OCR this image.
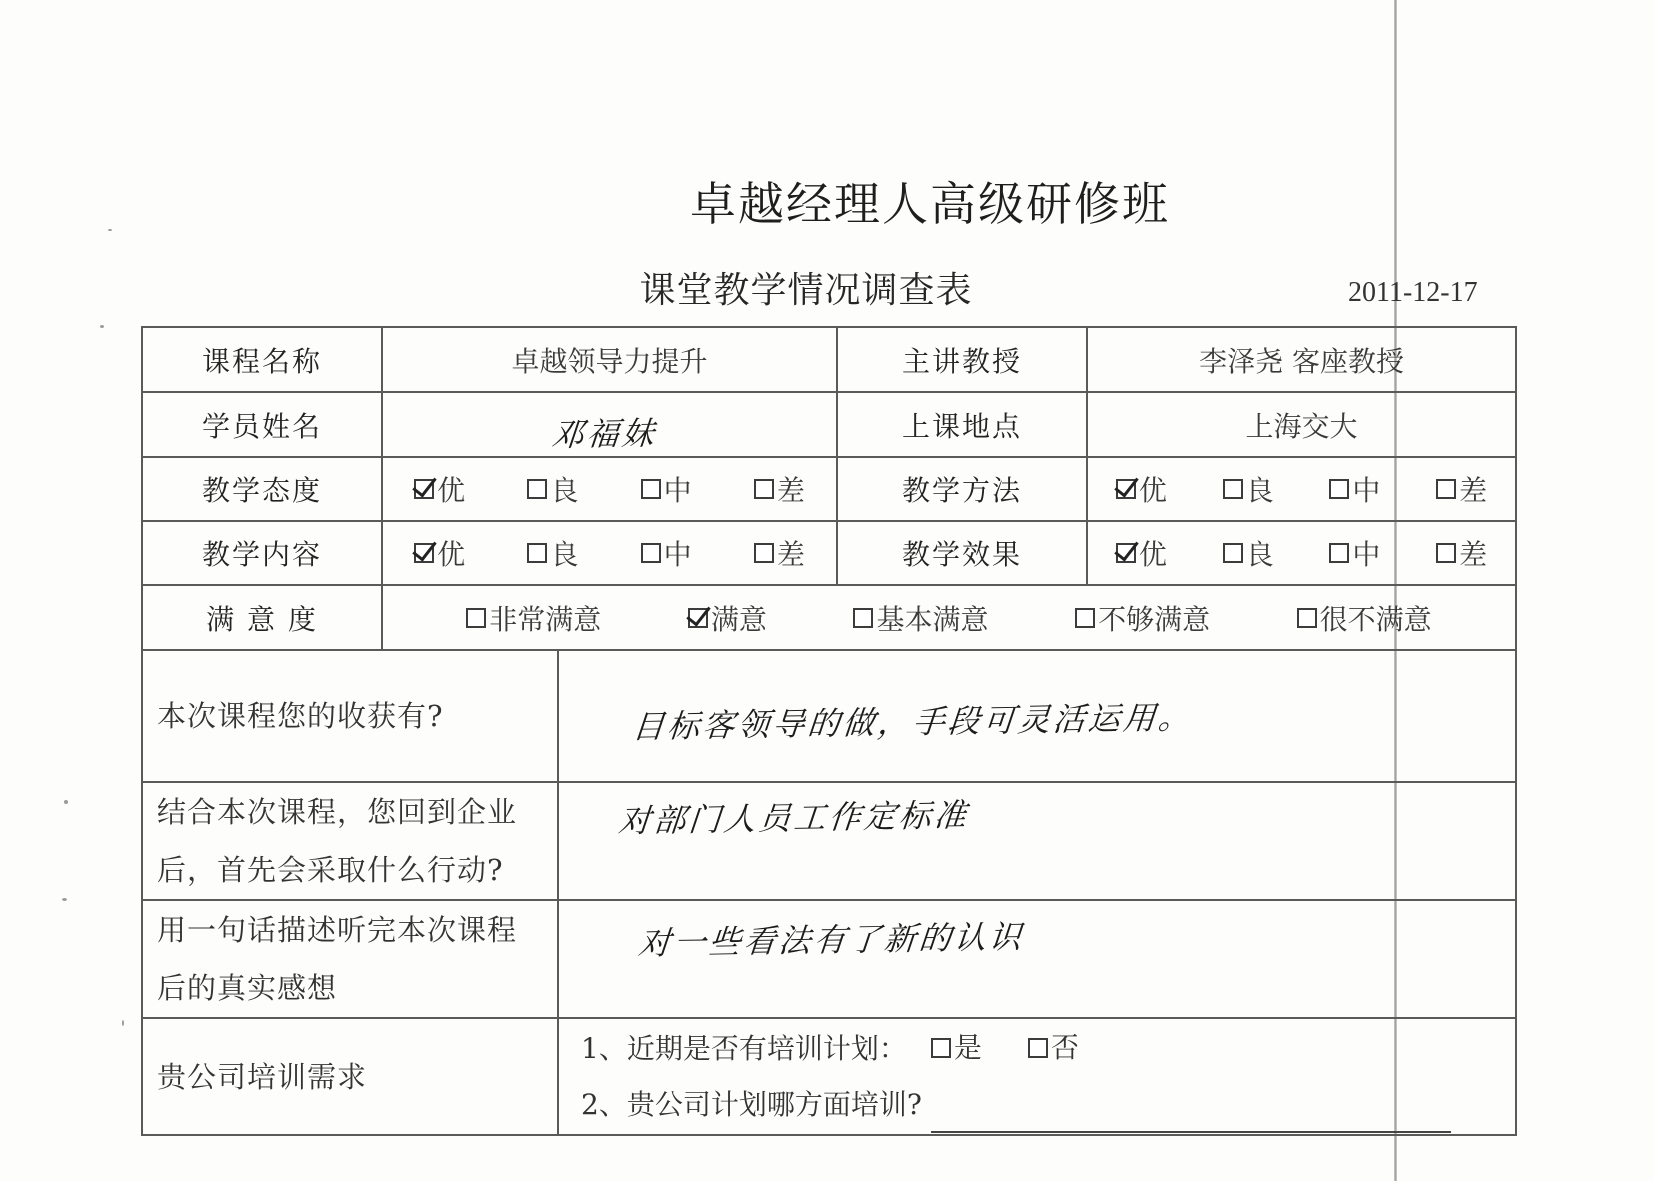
卓越经理人高级研修班
课堂教学情况调查表	2011-12-17
课程名称	卓越领导力提升		主讲教授	李泽尧 客座教授
学员姓名	邓福妹		上课地点	上海交大
教学态度	优 良 中 差		教学方法	优 良 中 差

教学内容	优 良 中 差		教学效果	优 良 中 差

满 意 度	非常满意 满意 基本满意 不够满意 很不满意			

本次课程您的收获有?		目标客领导的做，手段可灵活运用。		

结合本次课程，您回到企业
后，首先会采取什么行动?		对部门人员工作定标准		

用一句话描述听完本次课程
后的真实感想		对一些看法有了新的认识		

贵公司培训需求		1、近期是否有培训计划： 是 否
2、贵公司计划哪方面培训?		
